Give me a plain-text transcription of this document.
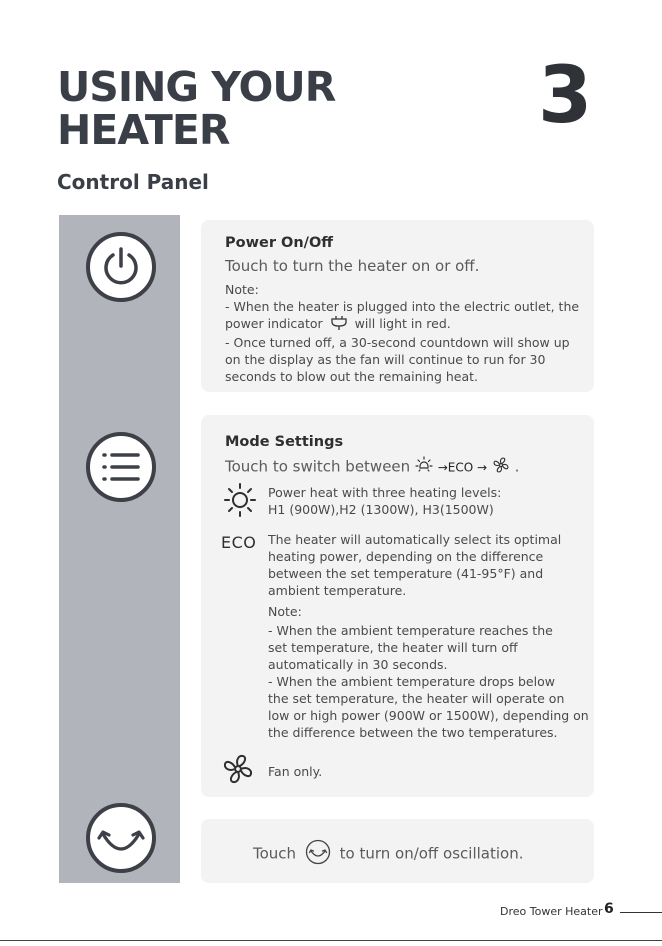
USING YOUR
HEATER	3
Control Panel
Power On/Off
Touch to turn the heater on or off.
Note:
- When the heater is plugged into the electric outlet, the
power indicator	will light in red.
- Once turned off, a 30-second countdown will show up
on the display as the fan will continue to run for 30
seconds to blow out the remaining heat.
Mode Settings
Touch to switch between →ECO → .
Power heat with three heating levels:
H1 (900W),H2 (1300W), H3(1500W)
ECO The heater will automatically select its optimal
heating power, depending on the difference
between the set temperature (41-95°F) and
ambient temperature.
Note:
- When the ambient temperature reaches the
set temperature, the heater will turn off
automatically in 30 seconds.
- When the ambient temperature drops below
the set temperature, the heater will operate on
low or high power (900W or 1500W), depending on
the difference between the two temperatures.
Fan only.
Touch	to turn on/off oscillation.
Dreo Tower Heater 6
